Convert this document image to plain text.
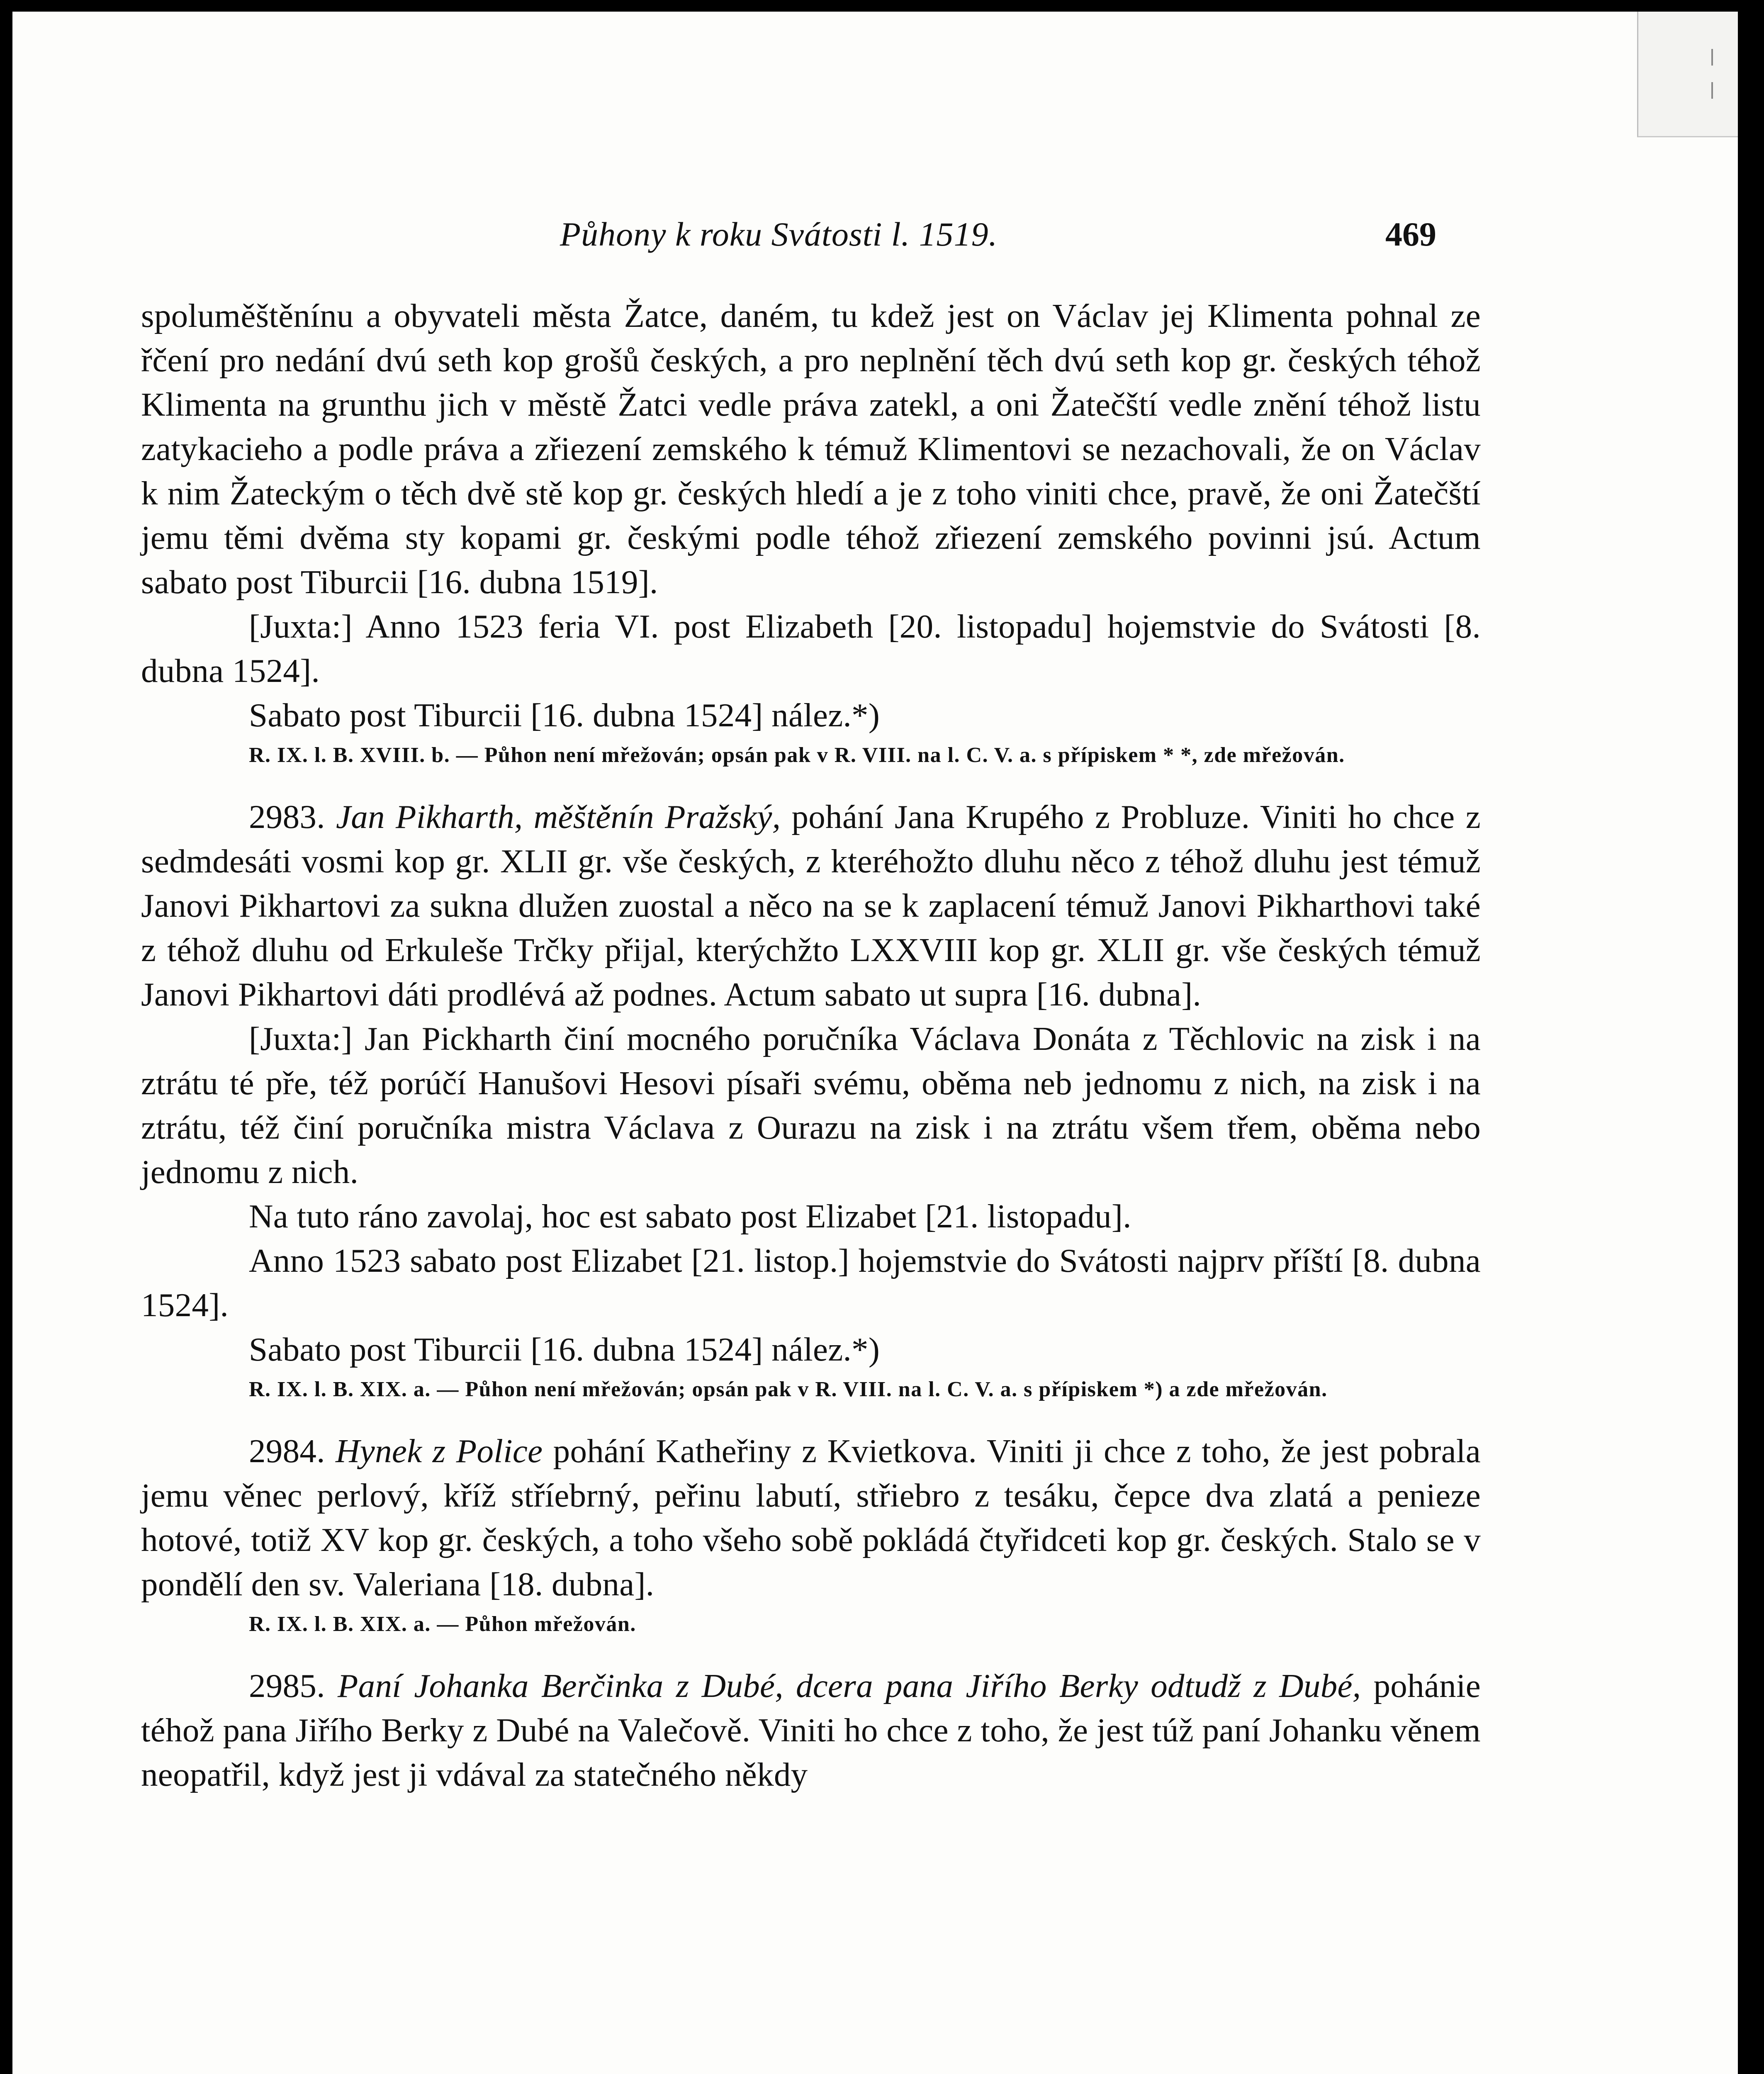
Půhony k roku Svátosti l. 1519.	469

spoluměštěnínu a obyvateli města Žatce, daném, tu kdež jest on Václav jej Klimenta pohnal ze řčení pro nedání dvú seth kop grošů českých, a pro neplnění těch dvú seth kop gr. českých téhož Klimenta na grunthu jich v městě Žatci vedle práva zatekl, a oni Žatečští vedle znění téhož listu zatykacieho a podle práva a zřiezení zemského k témuž Klimentovi se nezachovali, že on Václav k nim Žateckým o těch dvě stě kop gr. českých hledí a je z toho viniti chce, pravě, že oni Žatečští jemu těmi dvěma sty kopami gr. českými podle téhož zřiezení zemského povinni jsú. Actum sabato post Tiburcii [16. dubna 1519].

[Juxta:] Anno 1523 feria VI. post Elizabeth [20. listopadu] hojemstvie do Svátosti [8. dubna 1524].

Sabato post Tiburcii [16. dubna 1524] nález.*)

R. IX. l. B. XVIII. b. — Půhon není mřežován; opsán pak v R. VIII. na l. C. V. a. s přípiskem * *, zde mřežován.

2983. Jan Pikharth, měštěnín Pražský, pohání Jana Krupého z Probluze. Viniti ho chce z sedmdesáti vosmi kop gr. XLII gr. vše českých, z kteréhožto dluhu něco z téhož dluhu jest témuž Janovi Pikhartovi za sukna dlužen zuostal a něco na se k zaplacení témuž Janovi Pikharthovi také z téhož dluhu od Erkuleše Trčky přijal, kterýchžto LXXVIII kop gr. XLII gr. vše českých témuž Janovi Pikhartovi dáti prodlévá až podnes. Actum sabato ut supra [16. dubna].

[Juxta:] Jan Pickharth činí mocného poručníka Václava Donáta z Těchlovic na zisk i na ztrátu té pře, též porúčí Hanušovi Hesovi písaři svému, oběma neb jednomu z nich, na zisk i na ztrátu, též činí poručníka mistra Václava z Ourazu na zisk i na ztrátu všem třem, oběma nebo jednomu z nich.

Na tuto ráno zavolaj, hoc est sabato post Elizabet [21. listopadu].

Anno 1523 sabato post Elizabet [21. listop.] hojemstvie do Svátosti najprv příští [8. dubna 1524].

Sabato post Tiburcii [16. dubna 1524] nález.*)

R. IX. l. B. XIX. a. — Půhon není mřežován; opsán pak v R. VIII. na l. C. V. a. s přípiskem *) a zde mřežován.

2984. Hynek z Police pohání Katheřiny z Kvietkova. Viniti ji chce z toho, že jest pobrala jemu věnec perlový, kříž stříebrný, peřinu labutí, střiebro z tesáku, čepce dva zlatá a penieze hotové, totiž XV kop gr. českých, a toho všeho sobě pokládá čtyřidceti kop gr. českých. Stalo se v pondělí den sv. Valeriana [18. dubna].

R. IX. l. B. XIX. a. — Půhon mřežován.

2985. Paní Johanka Berčinka z Dubé, dcera pana Jiřího Berky odtudž z Dubé, pohánie téhož pana Jiřího Berky z Dubé na Valečově. Viniti ho chce z toho, že jest túž paní Johanku věnem neopatřil, když jest ji vdával za statečného někdy
